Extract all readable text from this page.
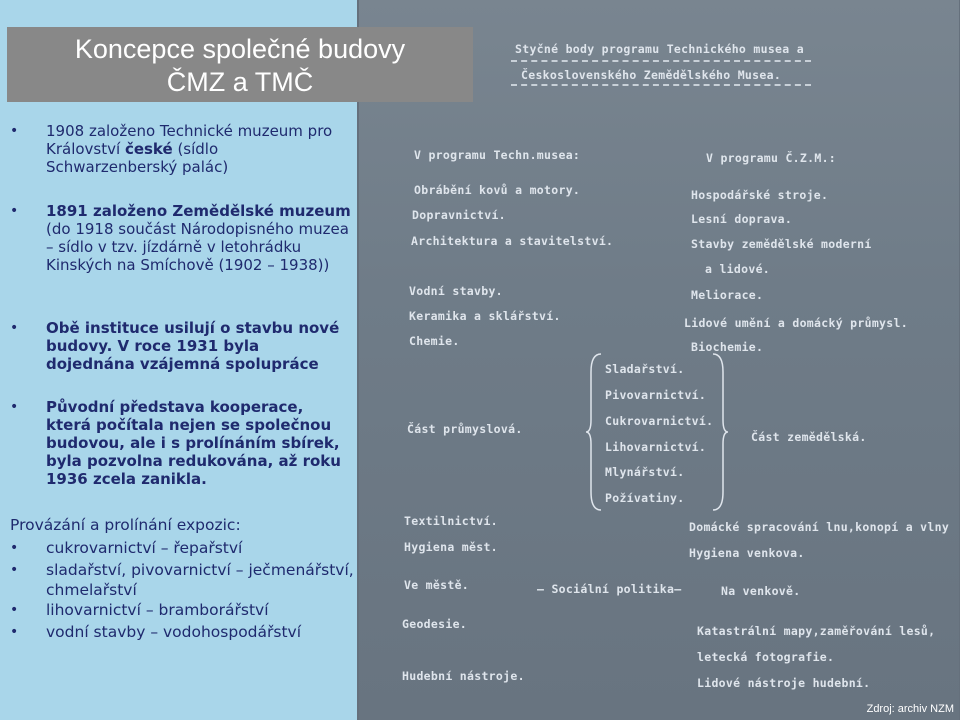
Styčné body programu Technického musea a
Československého Zemědělského Musea.
V programu Techn.musea:	V programu Č.Z.M.:
Obrábění kovů a motory.
Dopravnictví.
Architektura a stavitelství.
Vodní stavby.
Keramika a sklářství.
Chemie.
Hospodářské stroje.
Lesní doprava.
Stavby zemědělské moderní
a lidové.
Meliorace.
Lidové umění a domácký průmysl.
Biochemie.
Sladařství.
Pivovarnictví.
Cukrovarnictví.
Lihovarnictví.
Mlynářství.
Požívatiny.
Část průmyslová.
Část zemědělská.
Textilnictví.
Hygiena měst.
Ve městě.
Geodesie.
Hudební nástroje.
Domácké spracování lnu,konopí a vlny
Hygiena venkova.
Na venkově.
Katastrální mapy,zaměřování lesů,
letecká fotografie.
Lidové nástroje hudební.
– Sociální politika–
Koncepce společné budovy
ČMZ a TMČ
• 1908 založeno Technické muzeum pro Království české (sídlo Schwarzenberský palác)
• 1891 založeno Zemědělské muzeum (do 1918 součást Národopisného muzea – sídlo v tzv. jízdárně v letohrádku Kinských na Smíchově (1902 – 1938))
• Obě instituce usilují o stavbu nové budovy. V roce 1931 byla dojednána vzájemná spolupráce
• Původní představa kooperace, která počítala nejen se společnou budovou, ale i s prolínáním sbírek, byla pozvolna redukována, až roku 1936 zcela zanikla.
Provázání a prolínání expozic:
• cukrovarnictví – řepařství
• sladařství, pivovarnictví – ječmenářství, chmelařství
• lihovarnictví – bramborářství
• vodní stavby – vodohospodářství
Zdroj: archiv NZM
